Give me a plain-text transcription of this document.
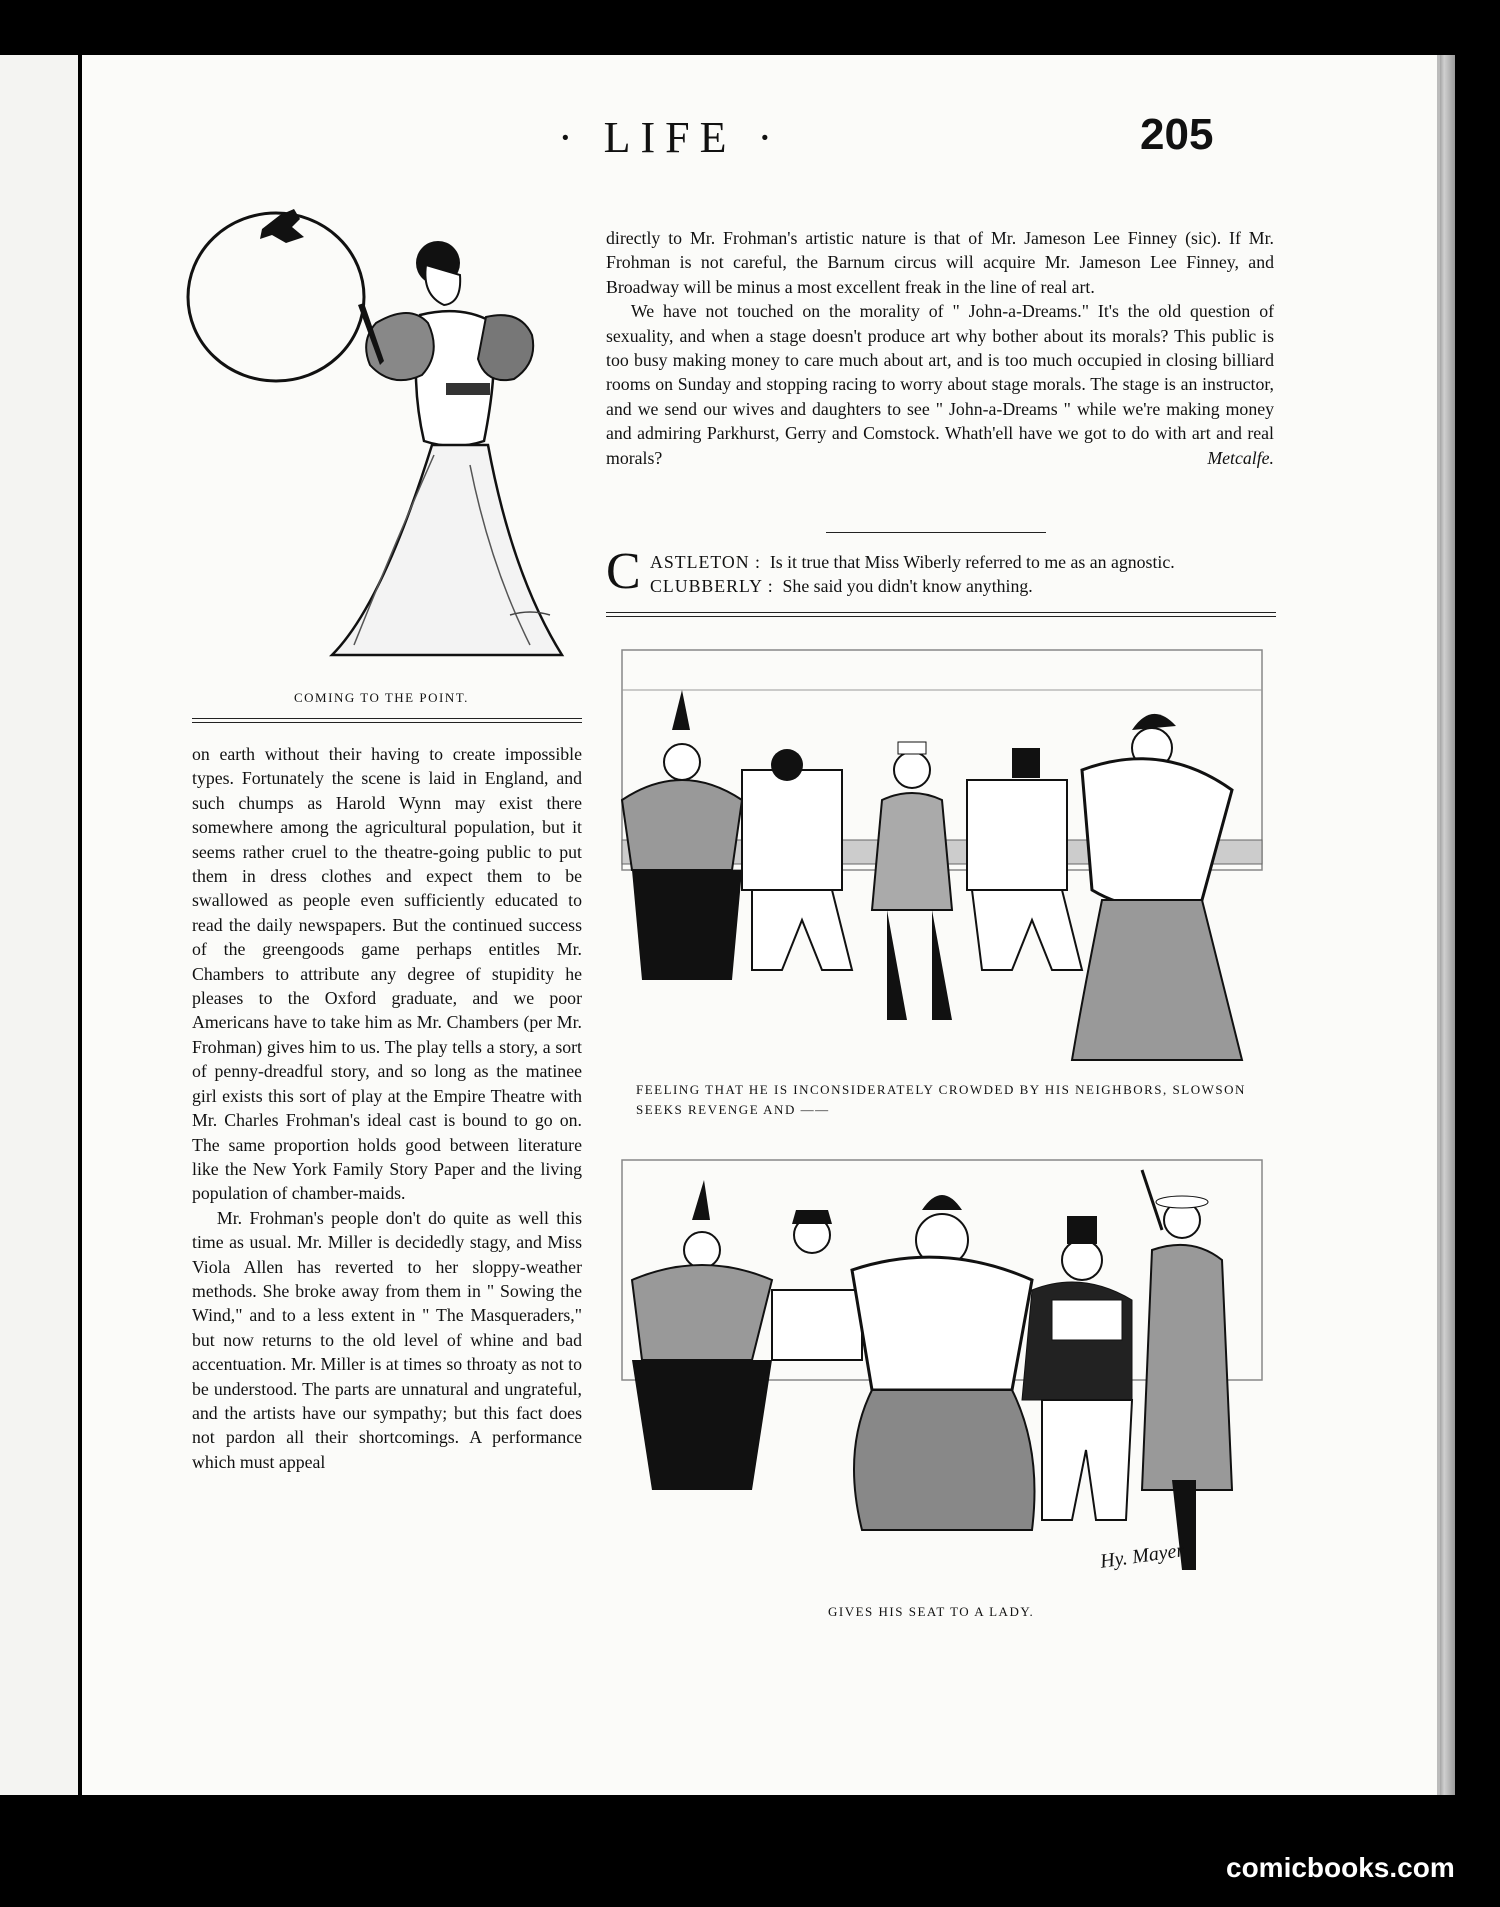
· LIFE ·	205
COMING TO THE POINT.

on earth without their having to create impossible types. Fortunately the scene is laid in England, and such chumps as Harold Wynn may exist there somewhere among the agricultural population, but it seems rather cruel to the theatre-going public to put them in dress clothes and expect them to be swallowed as people even sufficiently educated to read the daily newspapers. But the continued success of the greengoods game perhaps entitles Mr. Chambers to attribute any degree of stupidity he pleases to the Oxford graduate, and we poor Americans have to take him as Mr. Chambers (per Mr. Frohman) gives him to us. The play tells a story, a sort of penny-dreadful story, and so long as the matinee girl exists this sort of play at the Empire Theatre with Mr. Charles Frohman's ideal cast is bound to go on. The same proportion holds good between literature like the New York Family Story Paper and the living population of chamber-maids.

Mr. Frohman's people don't do quite as well this time as usual. Mr. Miller is decidedly stagy, and Miss Viola Allen has reverted to her sloppy-weather methods. She broke away from them in " Sowing the Wind," and to a less extent in " The Masqueraders," but now returns to the old level of whine and bad accentuation. Mr. Miller is at times so throaty as not to be understood. The parts are unnatural and ungrateful, and the artists have our sympathy; but this fact does not pardon all their shortcomings. A performance which must appeal

directly to Mr. Frohman's artistic nature is that of Mr. Jameson Lee Finney (sic). If Mr. Frohman is not careful, the Barnum circus will acquire Mr. Jameson Lee Finney, and Broadway will be minus a most excellent freak in the line of real art.

We have not touched on the morality of " John-a-Dreams." It's the old question of sexuality, and when a stage doesn't produce art why bother about its morals? This public is too busy making money to care much about art, and is too much occupied in closing billiard rooms on Sunday and stopping racing to worry about stage morals. The stage is an instructor, and we send our wives and daughters to see " John-a-Dreams " while we're making money and admiring Parkhurst, Gerry and Comstock. Whath'ell have we got to do with art and real morals?	Metcalfe.
C ASTLETON : Is it true that Miss Wiberly referred to me as an agnostic.
CLUBBERLY : She said you didn't know anything.
FEELING THAT HE IS INCONSIDERATELY CROWDED BY HIS NEIGHBORS, SLOWSON
SEEKS REVENGE AND ——
Hy. Mayer
GIVES HIS SEAT TO A LADY.
comicbooks.com
